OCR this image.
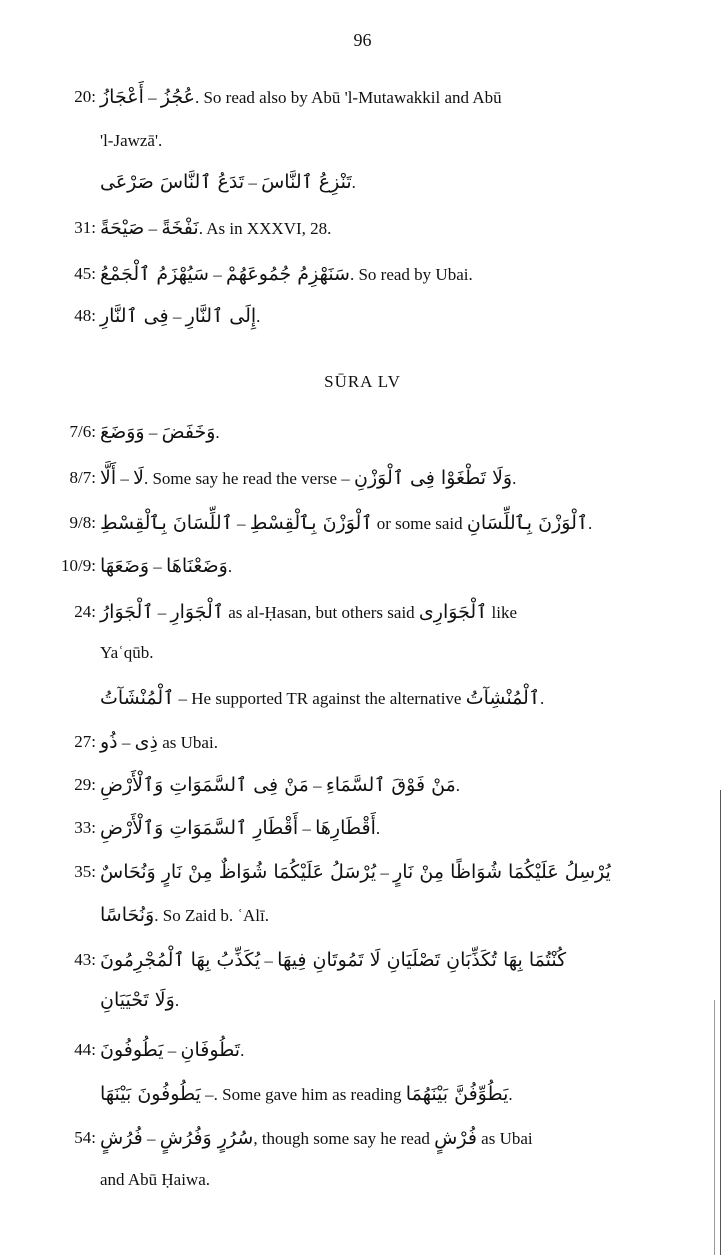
96
20: أَعْجَازُ – عُجُزُ. So read also by Abū 'l-Mutawakkil and Abū
'l-Jawzā'.
تَدَعُ ٱلنَّاسَ صَرْعَى – تَنْزِعُ ٱلنَّاسَ.
31: صَيْحَةً – نَفْخَةً. As in XXXVI, 28.
45: سَيُهْزَمُ ٱلْجَمْعُ – سَنَهْزِمُ جُمُوعَهُمْ. So read by Ubai.
48: فِى ٱلنَّارِ – إِلَى ٱلنَّارِ.
SŪRA LV
7/6: وَوَضَعَ – وَخَفَضَ.
8/7: أَلَّا – لَا. Some say he read the verse – وَلَا تَطْغَوْا فِى ٱلْوَزْنِ.
9/8: ٱللِّسَانَ بِٱلْقِسْطِ – ٱلْوَزْنَ بِٱلْقِسْطِ or some said ٱلْوَزْنَ بِٱللِّسَانِ.
10/9: وَضَعَهَا – وَضَعْنَاهَا.
24: ٱلْجَوَارُ – ٱلْجَوَارِ as al-Ḥasan, but others said ٱلْجَوَارِى like
Yaʿqūb.
ٱلْمُنْشَآتُ – He supported TR against the alternative ٱلْمُنْشِآتُ.
27: ذُو – ذِى as Ubai.
29: مَنْ فِى ٱلسَّمَوَاتِ وَٱلْأَرْضِ – مَنْ فَوْقَ ٱلسَّمَاءِ.
33: أَقْطَارِ ٱلسَّمَوَاتِ وَٱلْأَرْضِ – أَقْطَارِهَا.
35: يُرْسَلُ عَلَيْكُمَا شُوَاظٌ مِنْ نَارٍ وَنُحَاسٌ – يُرْسِلُ عَلَيْكُمَا شُوَاظًا مِنْ نَارٍ
وَنُحَاسًا. So Zaid b. ʿAlī.
43: يُكَذِّبُ بِهَا ٱلْمُجْرِمُونَ – كُنْتُمَا بِهَا تُكَذِّبَانِ تَصْلَيَانِ لَا تَمُوتَانِ فِيهَا
وَلَا تَحْيَيَانِ.
44: يَطُوفُونَ – تَطُوفَانِ.
يَطُوفُونَ بَيْنَهَا –. Some gave him as reading يَطُوِّفُنَّ بَيْنَهُمَا.
54: فُرُشٍ – سُرُرٍ وَفُرُشٍ, though some say he read فُرْشٍ as Ubai
and Abū Ḥaiwa.
